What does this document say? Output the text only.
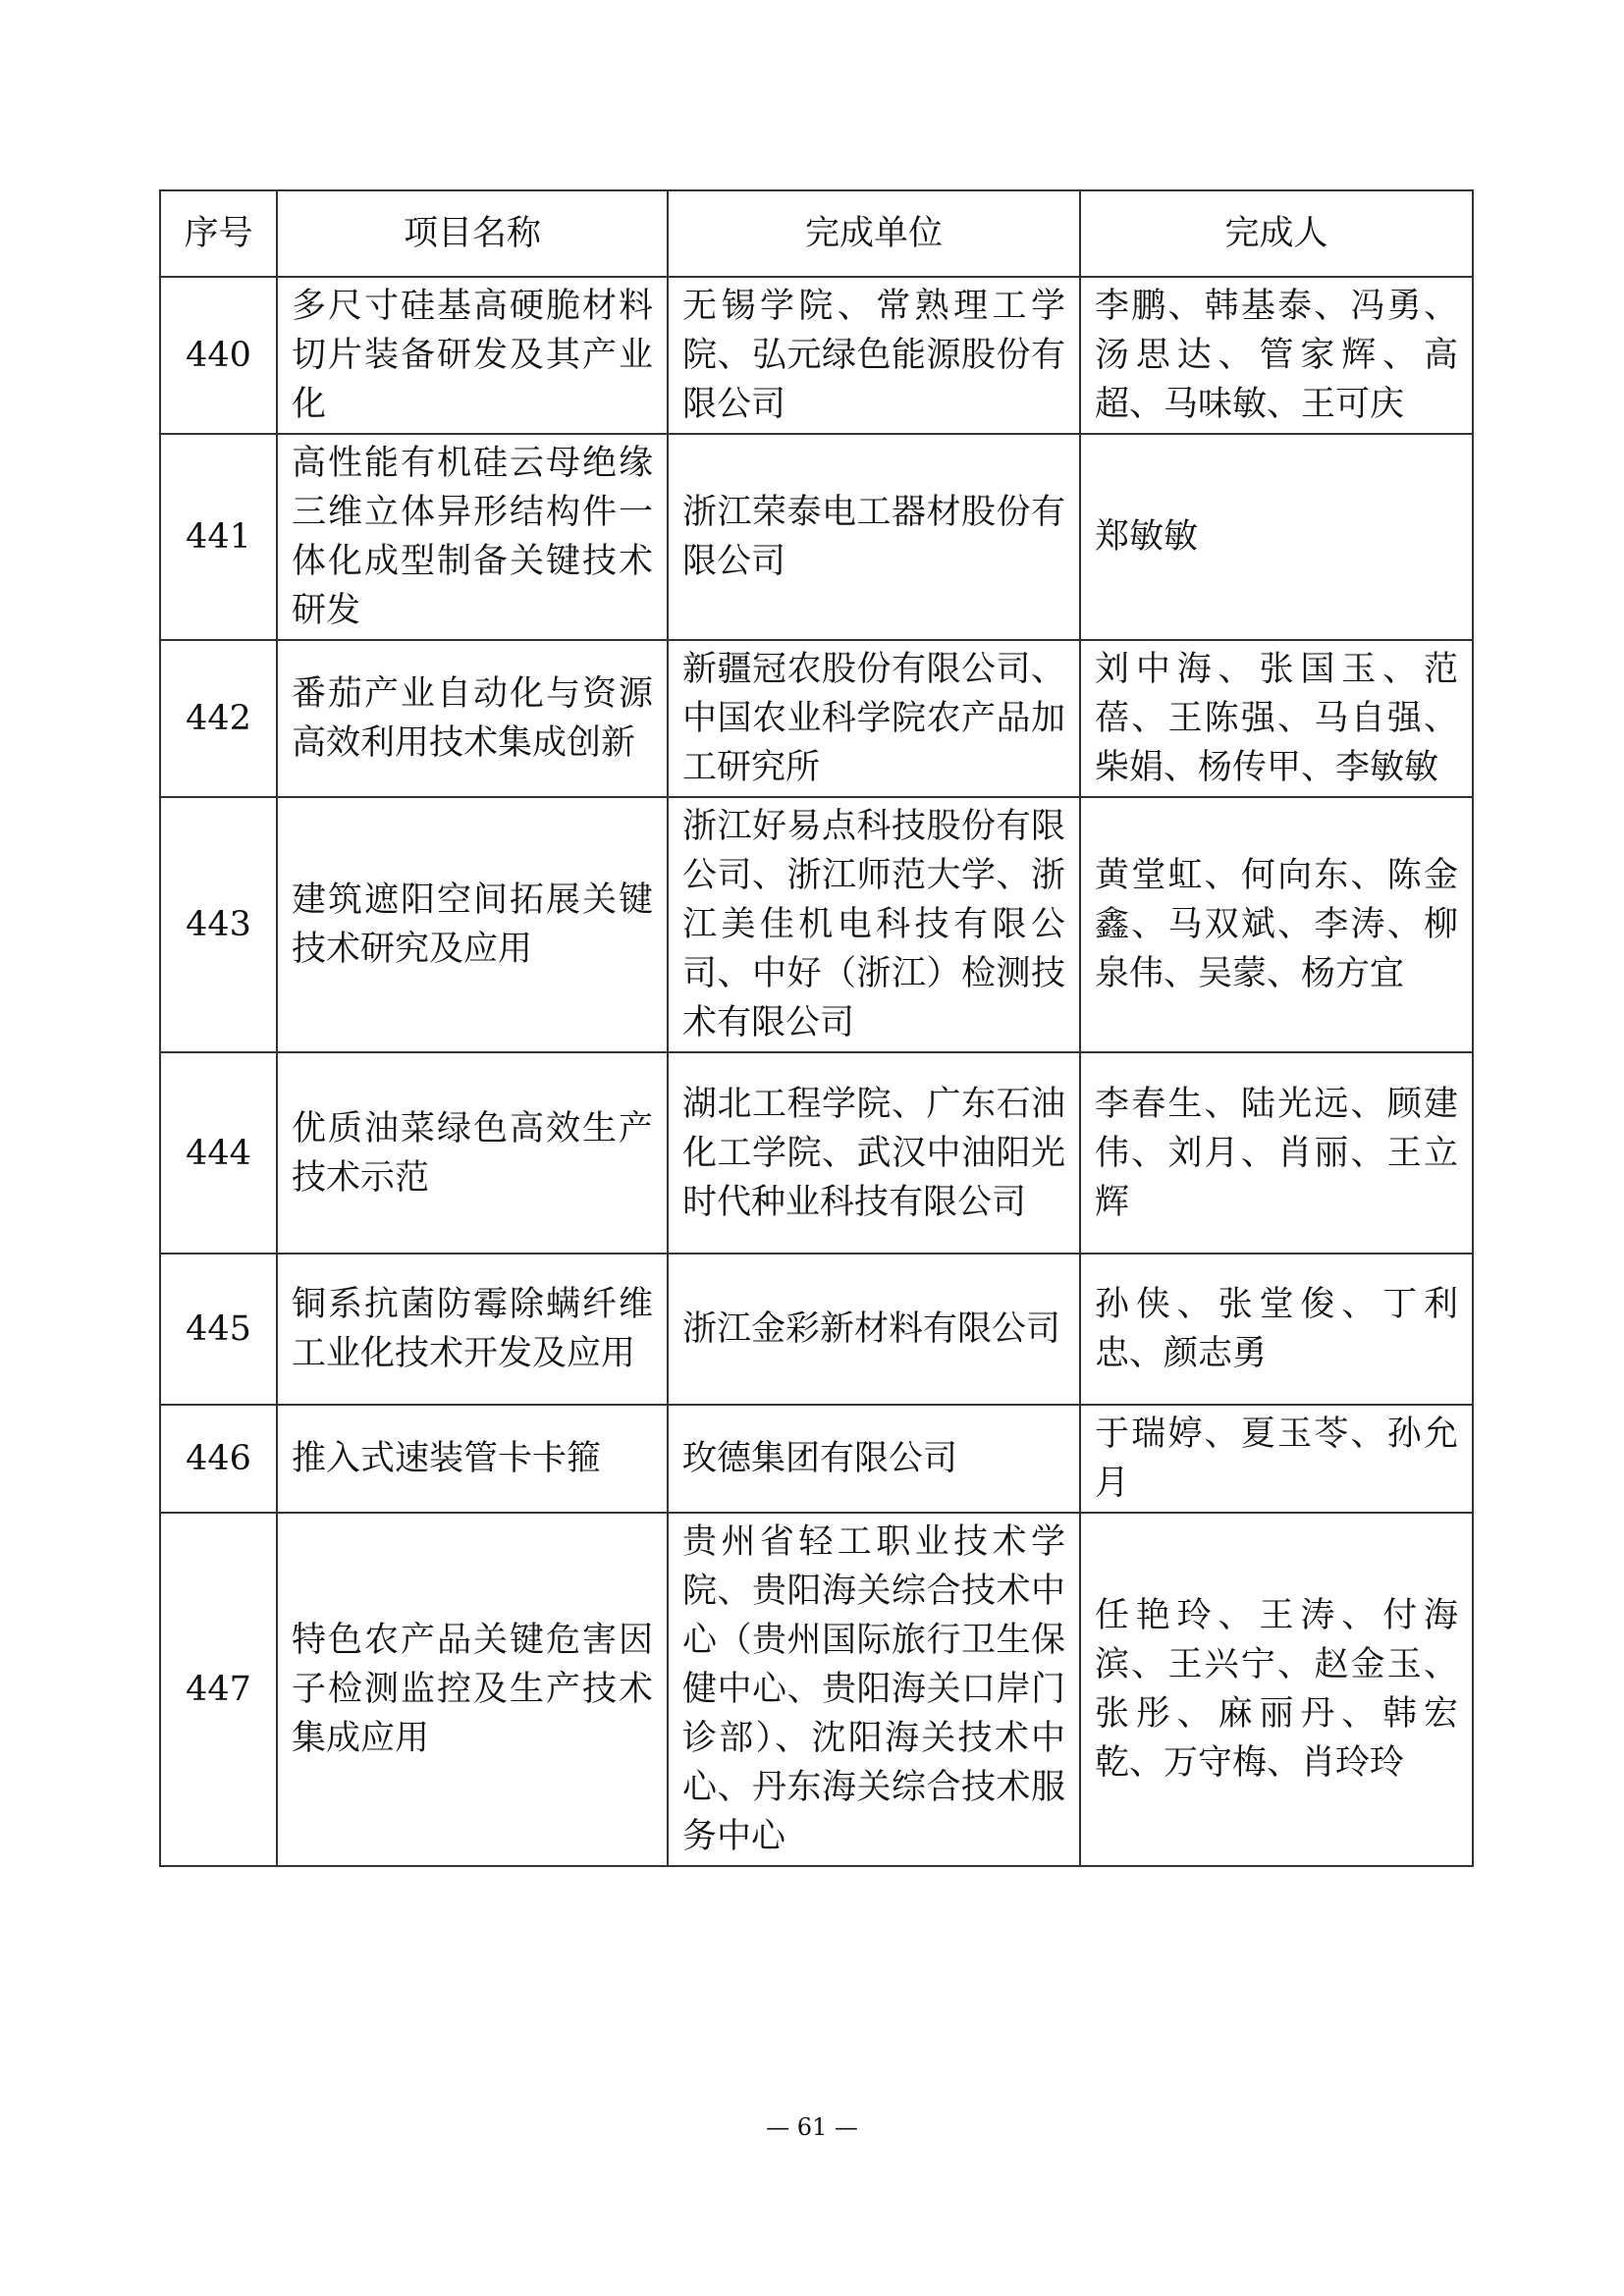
序号	项目名称	完成单位	完成人
440	多尺寸硅基高硬脆材料切片装备研发及其产业化	无锡学院、常熟理工学院、弘元绿色能源股份有限公司	李鹏、韩基泰、冯勇、汤思达、管家辉、高超、马味敏、王可庆
441	高性能有机硅云母绝缘三维立体异形结构件一体化成型制备关键技术研发	浙江荣泰电工器材股份有限公司	郑敏敏
442	番茄产业自动化与资源高效利用技术集成创新	新疆冠农股份有限公司、中国农业科学院农产品加工研究所	刘中海、张国玉、范蓓、王陈强、马自强、柴娟、杨传甲、李敏敏
443	建筑遮阳空间拓展关键技术研究及应用	浙江好易点科技股份有限公司、浙江师范大学、浙江美佳机电科技有限公司、中好（浙江）检测技术有限公司	黄堂虹、何向东、陈金鑫、马双斌、李涛、柳泉伟、吴蒙、杨方宜
444	优质油菜绿色高效生产技术示范	湖北工程学院、广东石油化工学院、武汉中油阳光时代种业科技有限公司	李春生、陆光远、顾建伟、刘月、肖丽、王立辉
445	铜系抗菌防霉除螨纤维工业化技术开发及应用	浙江金彩新材料有限公司	孙侠、张堂俊、丁利忠、颜志勇
446	推入式速装管卡卡箍	玫德集团有限公司	于瑞婷、夏玉苓、孙允月
447	特色农产品关键危害因子检测监控及生产技术集成应用	贵州省轻工职业技术学院、贵阳海关综合技术中心（贵州国际旅行卫生保健中心、贵阳海关口岸门诊部）、沈阳海关技术中心、丹东海关综合技术服务中心	任艳玲、王涛、付海滨、王兴宁、赵金玉、张彤、麻丽丹、韩宏乾、万守梅、肖玲玲
— 61 —
